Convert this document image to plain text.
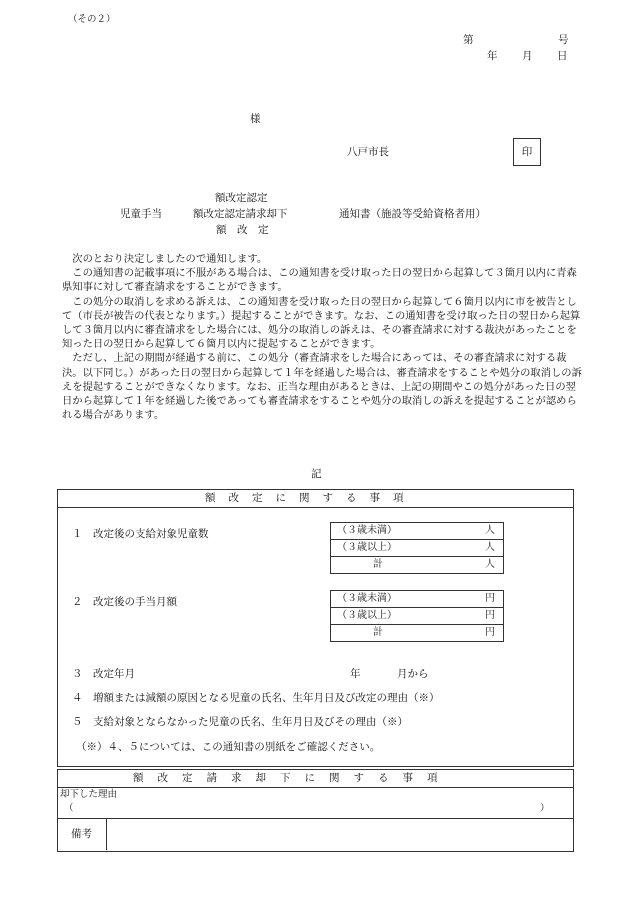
（その２）
第	号
年 月 日
様
八戸市長	印
額改定認定
児童手当	額改定認定請求却下	通知書（施設等受給資格者用）
額　改　定

次のとおり決定しましたので通知します。

この通知書の記載事項に不服がある場合は、この通知書を受け取った日の翌日から起算して３箇月以内に青森県知事に対して審査請求をすることができます。

この処分の取消しを求める訴えは、この通知書を受け取った日の翌日から起算して６箇月以内に市を被告として（市長が被告の代表となります。）提起することができます。なお、この通知書を受け取った日の翌日から起算して３箇月以内に審査請求をした場合には、処分の取消しの訴えは、その審査請求に対する裁決があったことを知った日の翌日から起算して６箇月以内に提起することができます。

ただし、上記の期間が経過する前に、この処分（審査請求をした場合にあっては、その審査請求に対する裁決。以下同じ。）があった日の翌日から起算して１年を経過した場合は、審査請求をすることや処分の取消しの訴えを提起することができなくなります。なお、正当な理由があるときは、上記の期間やこの処分があった日の翌日から起算して１年を経過した後であっても審査請求をすることや処分の取消しの訴えを提起することが認められる場合があります。

記
額改定に関する事項
１ 改定後の支給対象児童数	（３歳未満）	人

（３歳以上）	人

計	人
２ 改定後の手当月額	（３歳未満）	円

（３歳以上）	円

計	円
３ 改定年月	年	月から
４ 増額または減額の原因となる児童の氏名、生年月日及び改定の理由（※）
５ 支給対象とならなかった児童の氏名、生年月日及びその理由（※）
（※）４、５については、この通知書の別紙をご確認ください。
額改定請求却下に関する事項
却下した理由
（	）
備考
